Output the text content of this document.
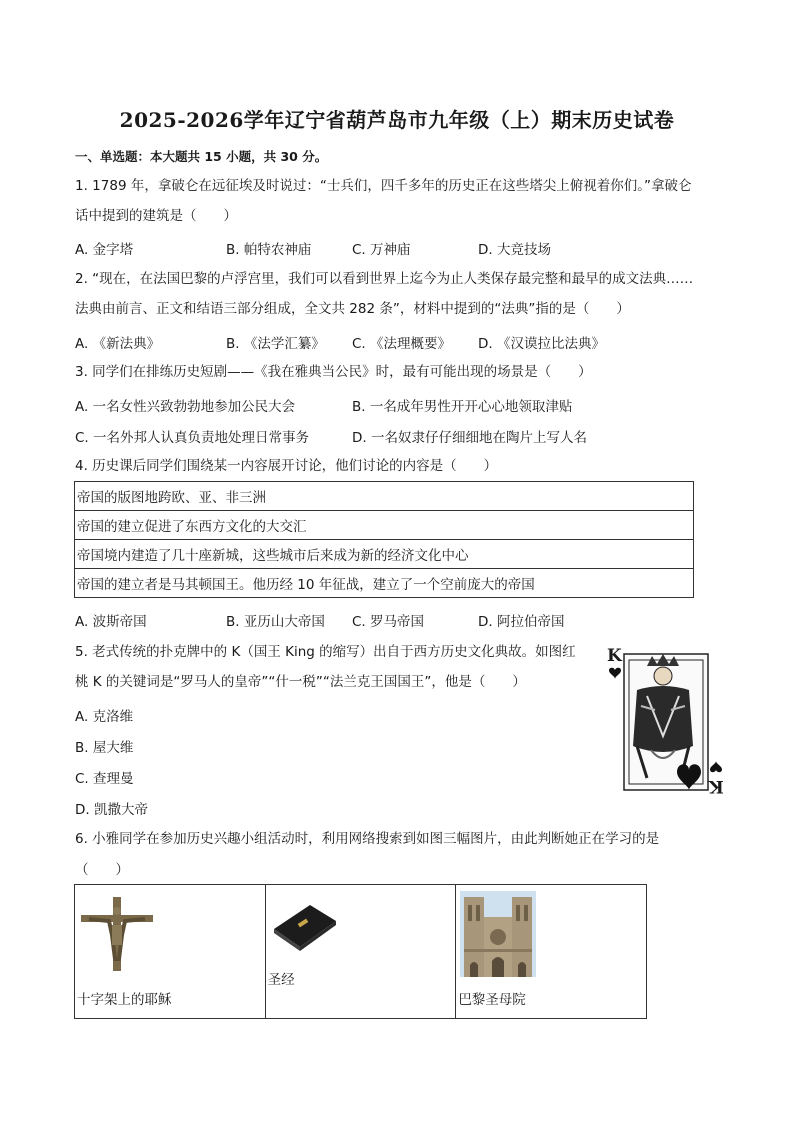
2025-2026学年辽宁省葫芦岛市九年级（上）期末历史试卷
一、单选题：本大题共 15 小题，共 30 分。
1. 1789 年，拿破仑在远征埃及时说过：“士兵们，四千多年的历史正在这些塔尖上俯视着你们。”拿破仑
话中提到的建筑是（　　）
A. 金字塔	B. 帕特农神庙	C. 万神庙	D. 大竞技场
2. “现在，在法国巴黎的卢浮宫里，我们可以看到世界上迄今为止人类保存最完整和最早的成文法典……
法典由前言、正文和结语三部分组成，全文共 282 条”，材料中提到的“法典”指的是（　　）
A. 《新法典》	B. 《法学汇纂》 C. 《法理概要》 D. 《汉谟拉比法典》
3. 同学们在排练历史短剧——《我在雅典当公民》时，最有可能出现的场景是（　　）
A. 一名女性兴致勃勃地参加公民大会	B. 一名成年男性开开心心地领取津贴
C. 一名外邦人认真负责地处理日常事务	D. 一名奴隶仔仔细细地在陶片上写人名
4. 历史课后同学们围绕某一内容展开讨论，他们讨论的内容是（　　）
帝国的版图地跨欧、亚、非三洲
帝国的建立促进了东西方文化的大交汇
帝国境内建造了几十座新城，这些城市后来成为新的经济文化中心
帝国的建立者是马其顿国王。他历经 10 年征战，建立了一个空前庞大的帝国
A. 波斯帝国	B. 亚历山大帝国 C. 罗马帝国	D. 阿拉伯帝国
5. 老式传统的扑克牌中的 K（国王 King 的缩写）出自于西方历史文化典故。如图红
桃 K 的关键词是“罗马人的皇帝”“什一税”“法兰克王国国王”，他是（　　）
A. 克洛维
B. 屋大维
C. 查理曼
D. 凯撒大帝
K
K
6. 小雅同学在参加历史兴趣小组活动时，利用网络搜索到如图三幅图片，由此判断她正在学习的是
（　　）
十字架上的耶稣	
圣经	
巴黎圣母院
